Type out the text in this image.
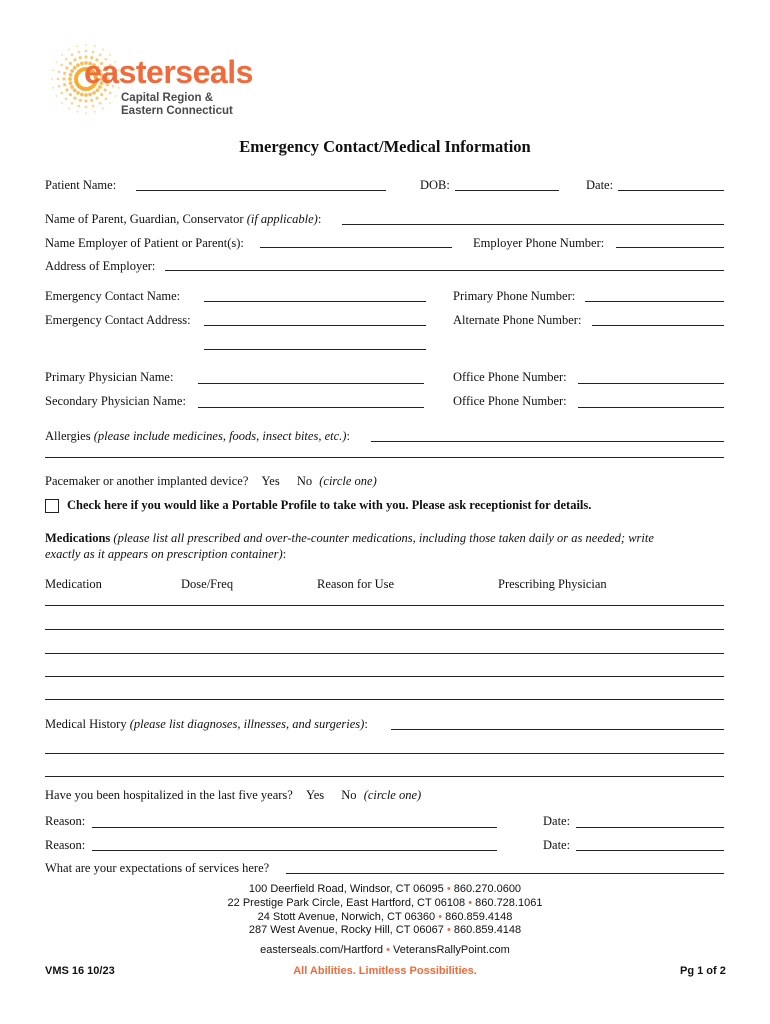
easterseals
Capital Region &
Eastern Connecticut
Emergency Contact/Medical Information
Patient Name:	DOB:	Date:
Name of Parent, Guardian, Conservator (if applicable):
Name Employer of Patient or Parent(s):	Employer Phone Number:
Address of Employer:
Emergency Contact Name:	Primary Phone Number:
Emergency Contact Address:	Alternate Phone Number:
Primary Physician Name:	Office Phone Number:
Secondary Physician Name:	Office Phone Number:
Allergies (please include medicines, foods, insect bites, etc.):
Pacemaker or another implanted device? Yes No (circle one)
Check here if you would like a Portable Profile to take with you. Please ask receptionist for details.
Medications (please list all prescribed and over-the-counter medications, including those taken daily or as needed; write
exactly as it appears on prescription container):
Medication	Dose/Freq	Reason for Use	Prescribing Physician
Medical History (please list diagnoses, illnesses, and surgeries):
Have you been hospitalized in the last five years? Yes No (circle one)
Reason:	Date:
Reason:	Date:
What are your expectations of services here?
100 Deerfield Road, Windsor, CT 06095 • 860.270.0600
22 Prestige Park Circle, East Hartford, CT 06108 • 860.728.1061
24 Stott Avenue, Norwich, CT 06360 • 860.859.4148
287 West Avenue, Rocky Hill, CT 06067 • 860.859.4148
easterseals.com/Hartford • VeteransRallyPoint.com
VMS 16 10/23	All Abilities. Limitless Possibilities.	Pg 1 of 2
